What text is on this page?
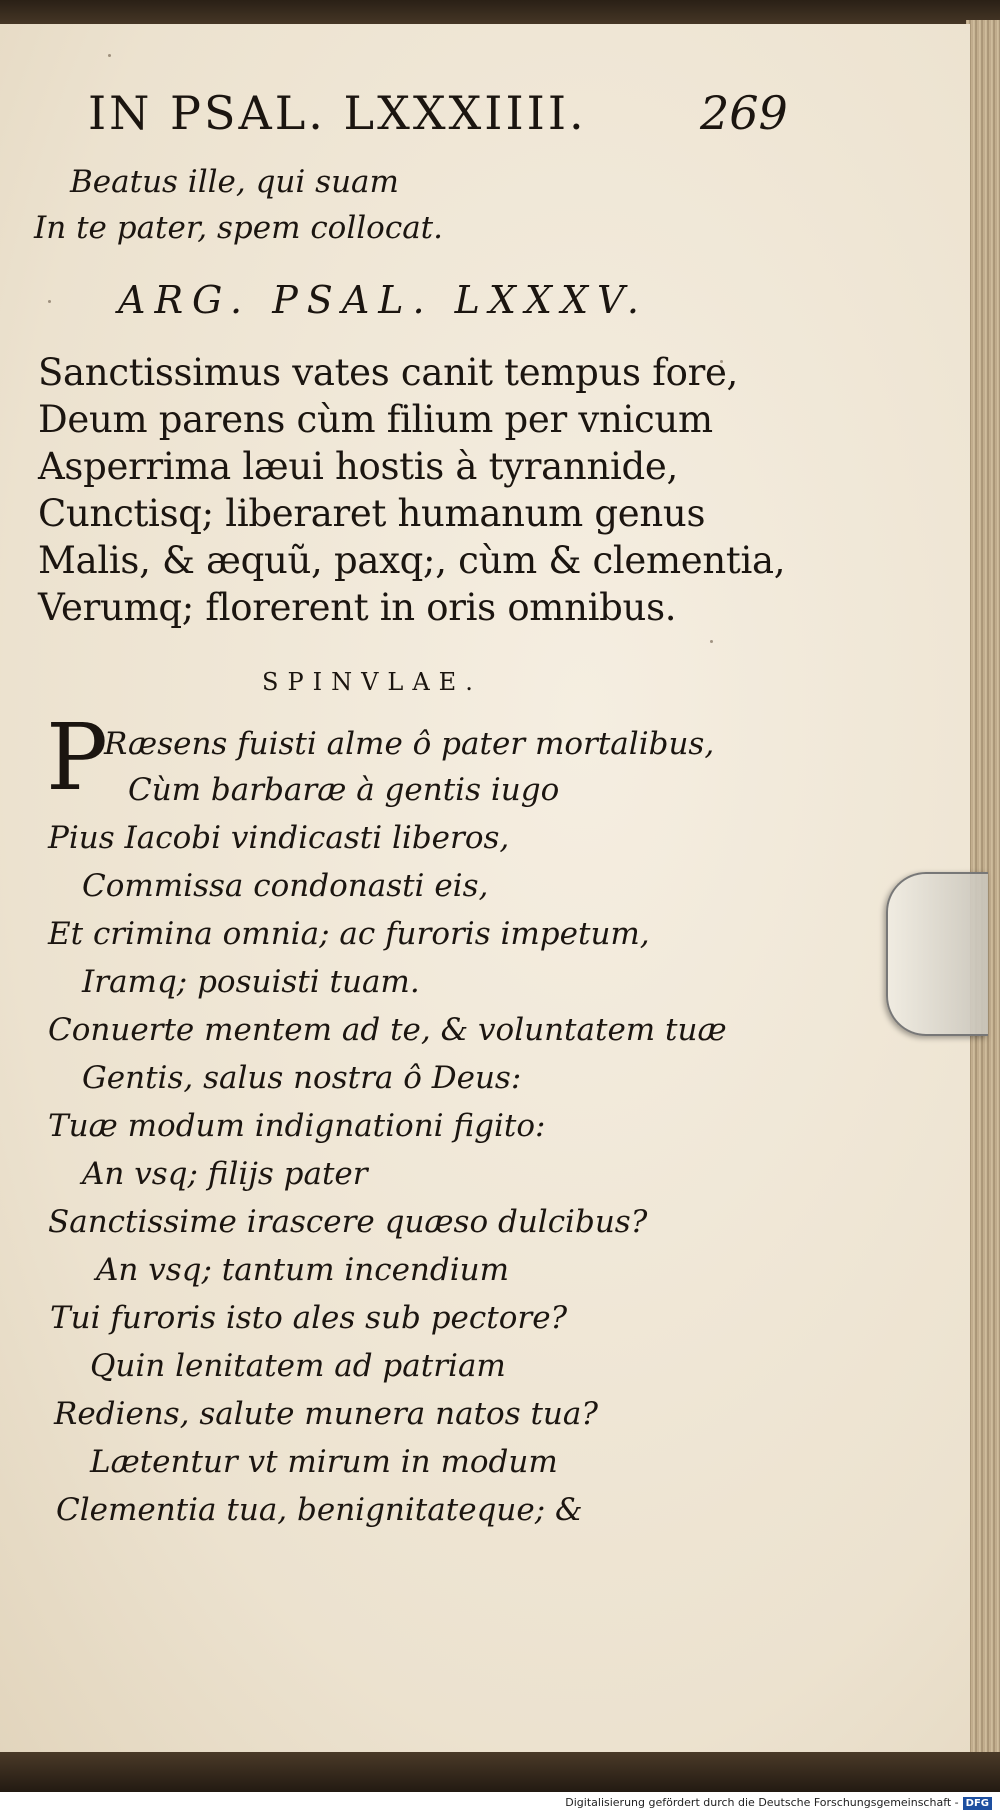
IN PSAL. LXXXIIII. 269
Beatus ille, qui suam
In te pater, spem collocat.
ARG. PSAL. LXXXV.
Sanctissimus vates canit tempus fore,
Deum parens cùm filium per vnicum
Asperrima læui hostis à tyrannide,
Cunctisq; liberaret humanum genus
Malis, & æquũ, paxq;, cùm & clementia,
Verumq; florerent in oris omnibus.
SPINVLAE.
P
Ræsens fuisti alme ô pater mortalibus,
Cùm barbaræ à gentis iugo
Pius Iacobi vindicasti liberos,
Commissa condonasti eis,
Et crimina omnia; ac furoris impetum,
Iramq; posuisti tuam.
Conuerte mentem ad te, & voluntatem tuæ
Gentis, salus nostra ô Deus:
Tuæ modum indignationi figito:
An vsq; filijs pater
Sanctissime irascere quæso dulcibus?
An vsq; tantum incendium
Tui furoris isto ales sub pectore?
Quin lenitatem ad patriam
Rediens, salute munera natos tua?
Lætentur vt mirum in modum
Clementia tua, benignitateque; &
Digitalisierung gefördert durch die Deutsche Forschungsgemeinschaft - DFG
